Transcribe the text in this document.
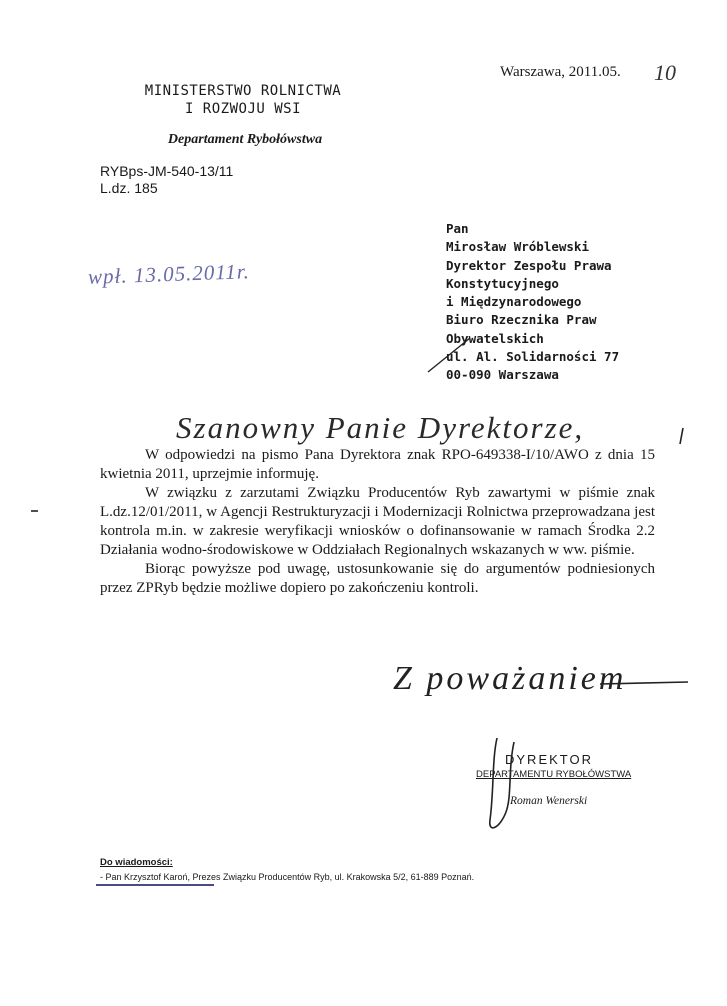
MINISTERSTWO ROLNICTWA
I ROZWOJU WSI
Departament Rybołówstwa
RYBps-JM-540-13/11
L.dz. 185
Warszawa, 2011.05. 10
wpł. 13.05.2011r.
Pan
Mirosław Wróblewski
Dyrektor Zespołu Prawa
Konstytucyjnego
i Międzynarodowego
Biuro Rzecznika Praw
Obywatelskich
ul. Al. Solidarności 77
00-090 Warszawa
Szanowny Panie Dyrektorze,

W odpowiedzi na pismo Pana Dyrektora znak RPO-649338-I/10/AWO z dnia 15 kwietnia 2011, uprzejmie informuję.

W związku z zarzutami Związku Producentów Ryb zawartymi w piśmie znak L.dz.12/01/2011, w Agencji Restrukturyzacji i Modernizacji Rolnictwa przeprowadzana jest kontrola m.in. w zakresie weryfikacji wniosków o dofinansowanie w ramach Środka 2.2 Działania wodno-środowiskowe w Oddziałach Regionalnych wskazanych w ww. piśmie.

Biorąc powyższe pod uwagę, ustosunkowanie się do argumentów podniesionych przez ZPRyb będzie możliwe dopiero po zakończeniu kontroli.

Z poważaniem
DYREKTOR
DEPARTAMENTU RYBOŁÓWSTWA
Roman Wenerski
Do wiadomości:
- Pan Krzysztof Karoń, Prezes Związku Producentów Ryb, ul. Krakowska 5/2, 61-889 Poznań.
